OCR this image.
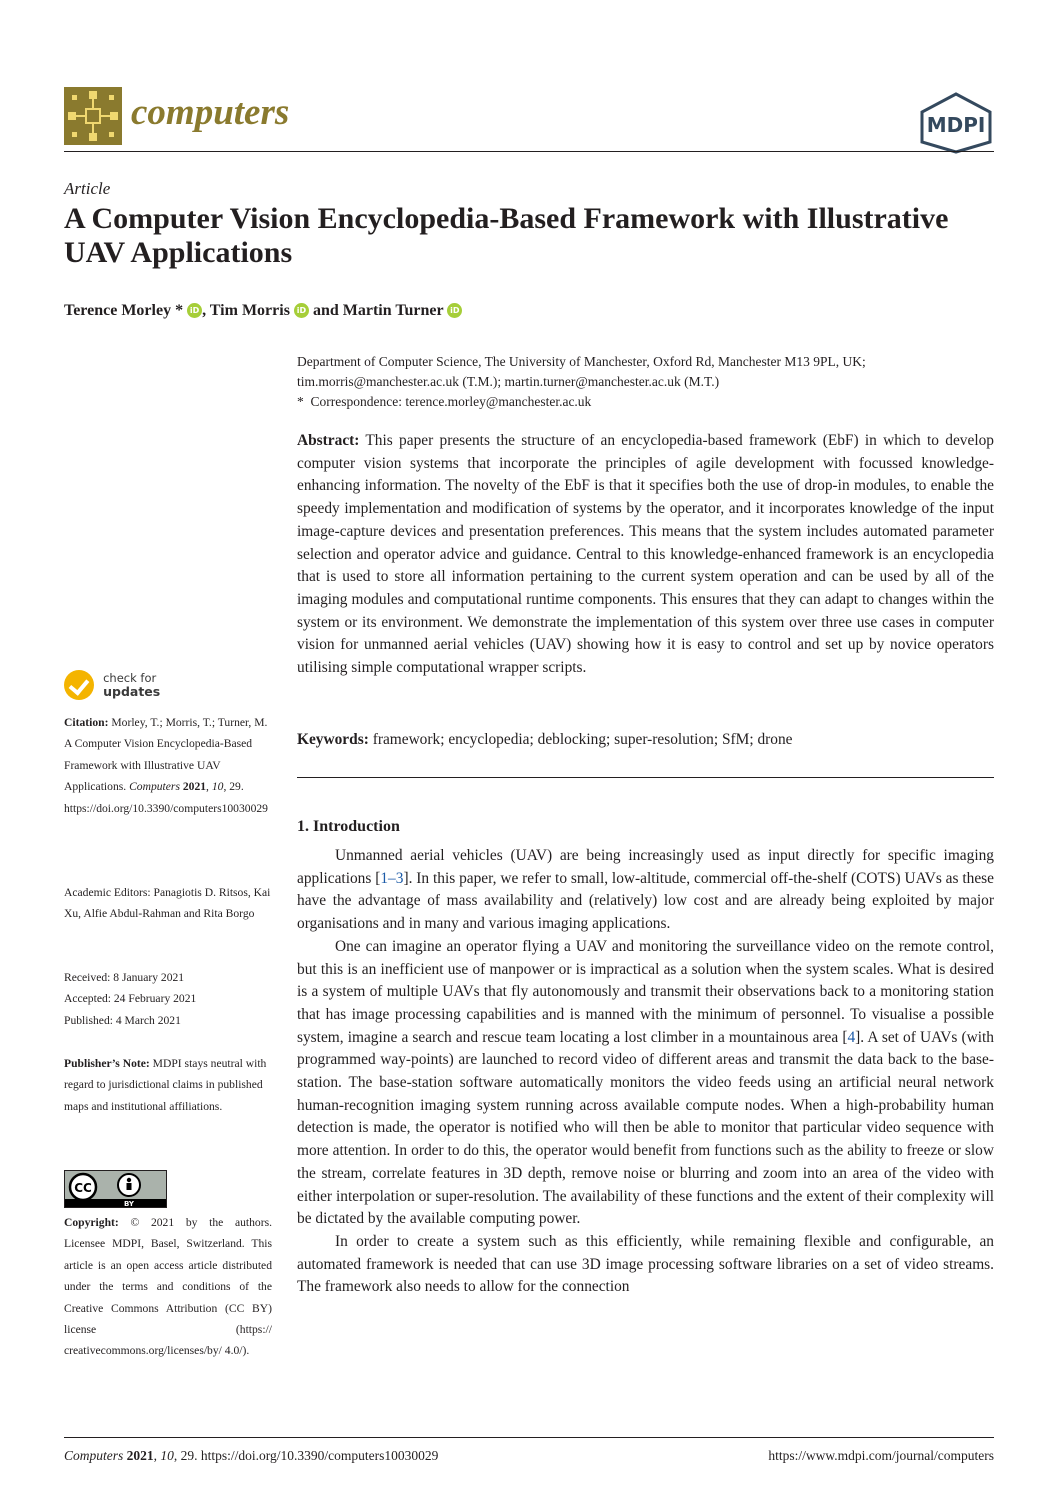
computers	MDPI
Article
A Computer Vision Encyclopedia-Based Framework with Illustrative UAV Applications
Terence Morley * iD , Tim Morris iD and Martin Turner iD
Department of Computer Science, The University of Manchester, Oxford Rd, Manchester M13 9PL, UK; tim.morris@manchester.ac.uk (T.M.); martin.turner@manchester.ac.uk (M.T.)
* Correspondence: terence.morley@manchester.ac.uk
Abstract: This paper presents the structure of an encyclopedia-based framework (EbF) in which to develop computer vision systems that incorporate the principles of agile development with focussed knowledge-enhancing information. The novelty of the EbF is that it specifies both the use of drop-in modules, to enable the speedy implementation and modification of systems by the operator, and it incorporates knowledge of the input image-capture devices and presentation preferences. This means that the system includes automated parameter selection and operator advice and guidance. Central to this knowledge-enhanced framework is an encyclopedia that is used to store all information pertaining to the current system operation and can be used by all of the imaging modules and computational runtime components. This ensures that they can adapt to changes within the system or its environment. We demonstrate the implementation of this system over three use cases in computer vision for unmanned aerial vehicles (UAV) showing how it is easy to control and set up by novice operators utilising simple computational wrapper scripts.
Keywords: framework; encyclopedia; deblocking; super-resolution; SfM; drone
1. Introduction

Unmanned aerial vehicles (UAV) are being increasingly used as input directly for specific imaging applications [1–3]. In this paper, we refer to small, low-altitude, commercial off-the-shelf (COTS) UAVs as these have the advantage of mass availability and (relatively) low cost and are already being exploited by major organisations and in many and various imaging applications.

One can imagine an operator flying a UAV and monitoring the surveillance video on the remote control, but this is an inefficient use of manpower or is impractical as a solution when the system scales. What is desired is a system of multiple UAVs that fly autonomously and transmit their observations back to a monitoring station that has image processing capabilities and is manned with the minimum of personnel. To visualise a possible system, imagine a search and rescue team locating a lost climber in a mountainous area [4]. A set of UAVs (with programmed way-points) are launched to record video of different areas and transmit the data back to the base-station. The base-station software automatically monitors the video feeds using an artificial neural network human-recognition imaging system running across available compute nodes. When a high-probability human detection is made, the operator is notified who will then be able to monitor that particular video sequence with more attention. In order to do this, the operator would benefit from functions such as the ability to freeze or slow the stream, correlate features in 3D depth, remove noise or blurring and zoom into an area of the video with either interpolation or super-resolution. The availability of these functions and the extent of their complexity will be dictated by the available computing power.

In order to create a system such as this efficiently, while remaining flexible and configurable, an automated framework is needed that can use 3D image processing software libraries on a set of video streams. The framework also needs to allow for the connection

check for
updates
Citation: Morley, T.; Morris, T.; Turner, M. A Computer Vision Encyclopedia-Based Framework with Illustrative UAV Applications. Computers 2021, 10, 29. https://doi.org/10.3390/computers10030029
Academic Editors: Panagiotis D. Ritsos, Kai Xu, Alfie Abdul-Rahman and Rita Borgo
Received: 8 January 2021
Accepted: 24 February 2021
Published: 4 March 2021
Publisher’s Note: MDPI stays neutral with regard to jurisdictional claims in published maps and institutional affiliations.
CC
BY
Copyright: © 2021 by the authors. Licensee MDPI, Basel, Switzerland. This article is an open access article distributed under the terms and conditions of the Creative Commons Attribution (CC BY) license (https:// creativecommons.org/licenses/by/ 4.0/).
Computers 2021, 10, 29. https://doi.org/10.3390/computers10030029	https://www.mdpi.com/journal/computers
